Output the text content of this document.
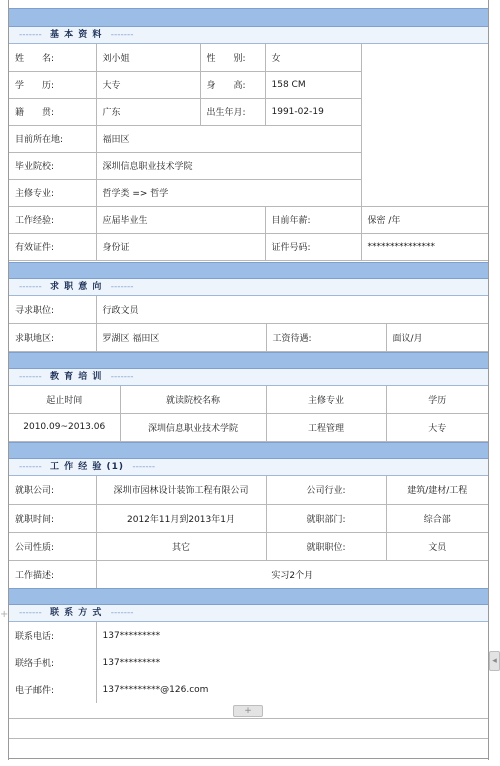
------- 基 本 资 料 -------
姓　　名:	刘小姐	性　　别:	女	
学　　历:	大专	身　　高:	158 CM	
籍　　贯:	广东	出生年月:	1991-02-19	
目前所在地:	福田区			
毕业院校:	深圳信息职业技术学院			
主修专业:	哲学类 => 哲学			
工作经验:	应届毕业生		目前年薪:	保密 /年
有效证件:	身份证		证件号码:	***************
------- 求 职 意 向 -------
寻求职位:	行政文员		
求职地区:	罗湖区 福田区	工资待遇:	面议/月
------- 教 育 培 训 -------
起止时间	就读院校名称	主修专业	学历
2010.09~2013.06	深圳信息职业技术学院	工程管理	大专
------- 工 作 经 验 (1) -------
就职公司:	深圳市园林设计装饰工程有限公司	公司行业:	建筑/建材/工程
就职时间:	2012年11月到2013年1月	就职部门:	综合部
公司性质:	其它	就职职位:	文员
工作描述:	实习2个月		
------- 联 系 方 式 -------
联系电话:	137*********
联络手机:	137*********
电子邮件:	137*********@126.com
+
◂
+
